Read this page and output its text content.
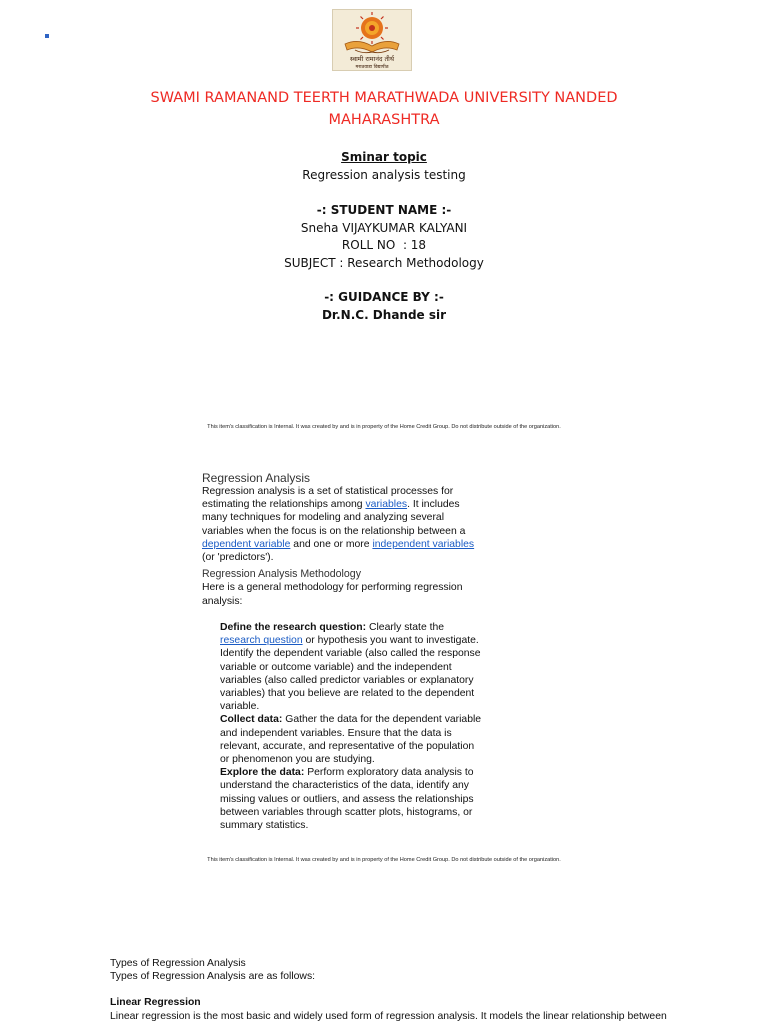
स्वामी रामानंद तीर्थ
मराठवाडा विद्यापीठ
SWAMI RAMANAND TEERTH MARATHWADA UNIVERSITY NANDED
MAHARASHTRA
Sminar topic
Regression analysis testing
-: STUDENT NAME :-
Sneha VIJAYKUMAR KALYANI
ROLL NO  : 18
SUBJECT : Research Methodology
-: GUIDANCE BY :-
Dr.N.C. Dhande sir
This item's classification is Internal. It was created by and is in property of the Home Credit Group. Do not distribute outside of the organization.
Regression Analysis
Regression analysis is a set of statistical processes for estimating the relationships among variables. It includes many techniques for modeling and analyzing several variables when the focus is on the relationship between a dependent variable and one or more independent variables (or 'predictors').
Regression Analysis Methodology
Here is a general methodology for performing regression analysis:
Define the research question: Clearly state the research question or hypothesis you want to investigate. Identify the dependent variable (also called the response variable or outcome variable) and the independent variables (also called predictor variables or explanatory variables) that you believe are related to the dependent variable.
Collect data: Gather the data for the dependent variable and independent variables. Ensure that the data is relevant, accurate, and representative of the population or phenomenon you are studying.
Explore the data: Perform exploratory data analysis to understand the characteristics of the data, identify any missing values or outliers, and assess the relationships between variables through scatter plots, histograms, or summary statistics.
This item's classification is Internal. It was created by and is in property of the Home Credit Group. Do not distribute outside of the organization.
Types of Regression Analysis
Types of Regression Analysis are as follows:
Linear Regression
Linear regression is the most basic and widely used form of regression analysis. It models the linear relationship between
